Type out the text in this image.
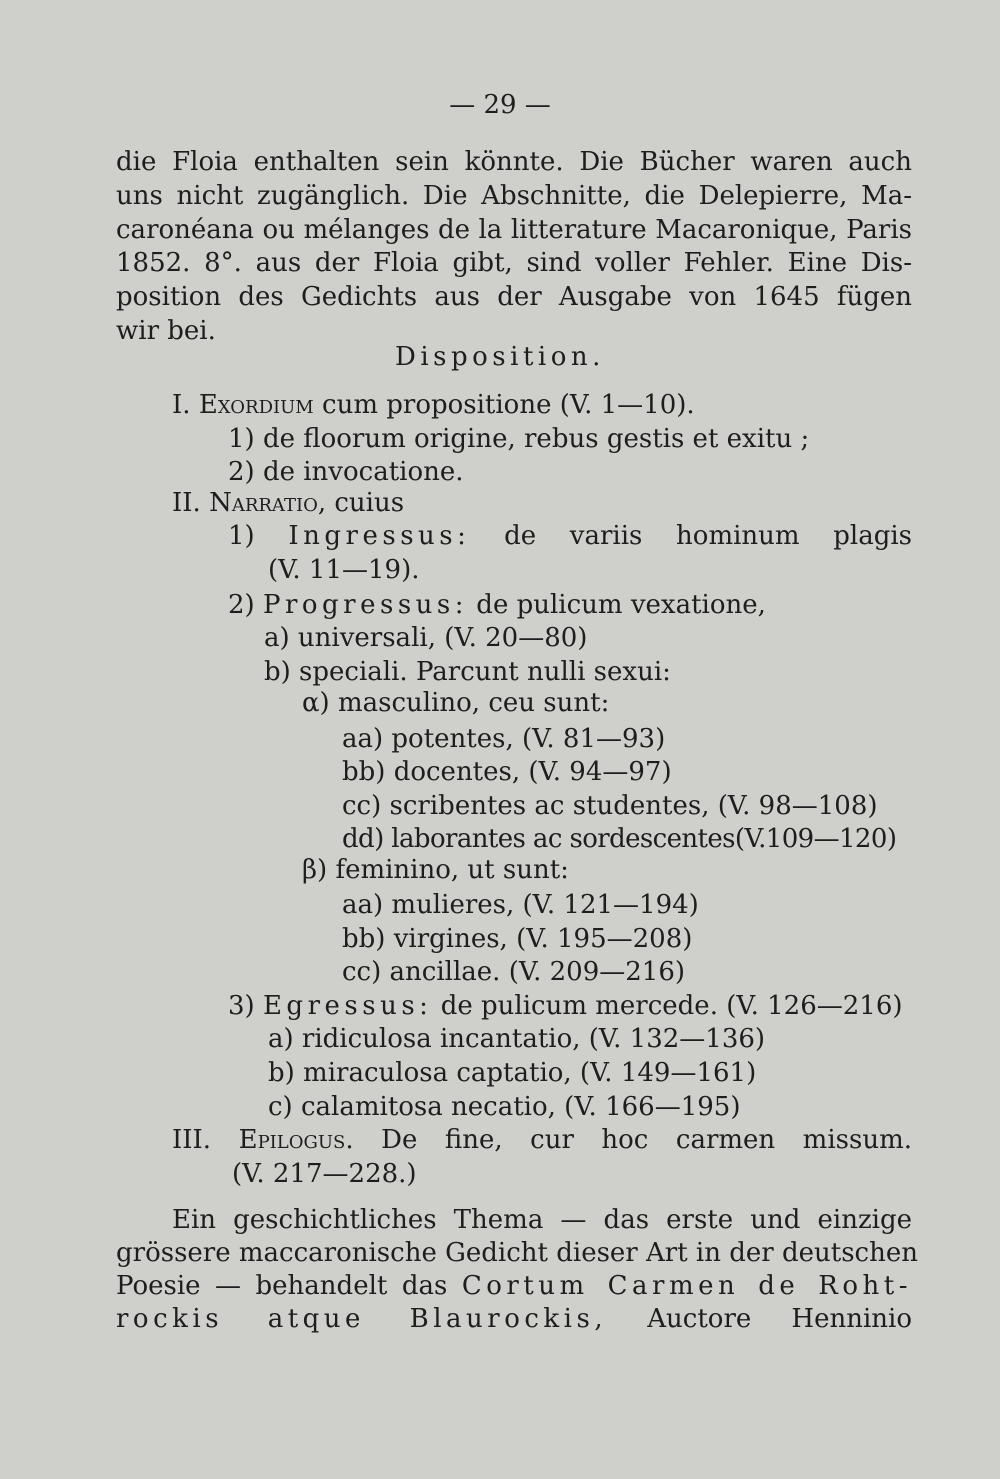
— 29 —
die Floia enthalten sein könnte. Die Bücher waren auch
uns nicht zugänglich. Die Abschnitte, die Delepierre, Ma-
caronéana ou mélanges de la litterature Macaronique, Paris
1852. 8°. aus der Floia gibt, sind voller Fehler. Eine Dis-
position des Gedichts aus der Ausgabe von 1645 fügen
wir bei.
Disposition.
I. Exordium cum propositione (V. 1—10).
1) de floorum origine, rebus gestis et exitu ;
2) de invocatione.
II. Narratio, cuius
1) Ingressus: de variis hominum plagis
(V. 11—19).
2) Progressus: de pulicum vexatione,
a) universali, (V. 20—80)
b) speciali. Parcunt nulli sexui:
α) masculino, ceu sunt:
aa) potentes, (V. 81—93)
bb) docentes, (V. 94—97)
cc) scribentes ac studentes, (V. 98—108)
dd) laborantes ac sordescentes(V.109—120)
β) feminino, ut sunt:
aa) mulieres, (V. 121—194)
bb) virgines, (V. 195—208)
cc) ancillae. (V. 209—216)
3) Egressus: de pulicum mercede. (V. 126—216)
a) ridiculosa incantatio, (V. 132—136)
b) miraculosa captatio, (V. 149—161)
c) calamitosa necatio, (V. 166—195)
III. Epilogus. De fine, cur hoc carmen missum.
(V. 217—228.)
Ein geschichtliches Thema — das erste und einzige
grössere maccaronische Gedicht dieser Art in der deutschen
Poesie — behandelt das Cortum Carmen de Roht-
rockis atque Blaurockis, Auctore Henninio
